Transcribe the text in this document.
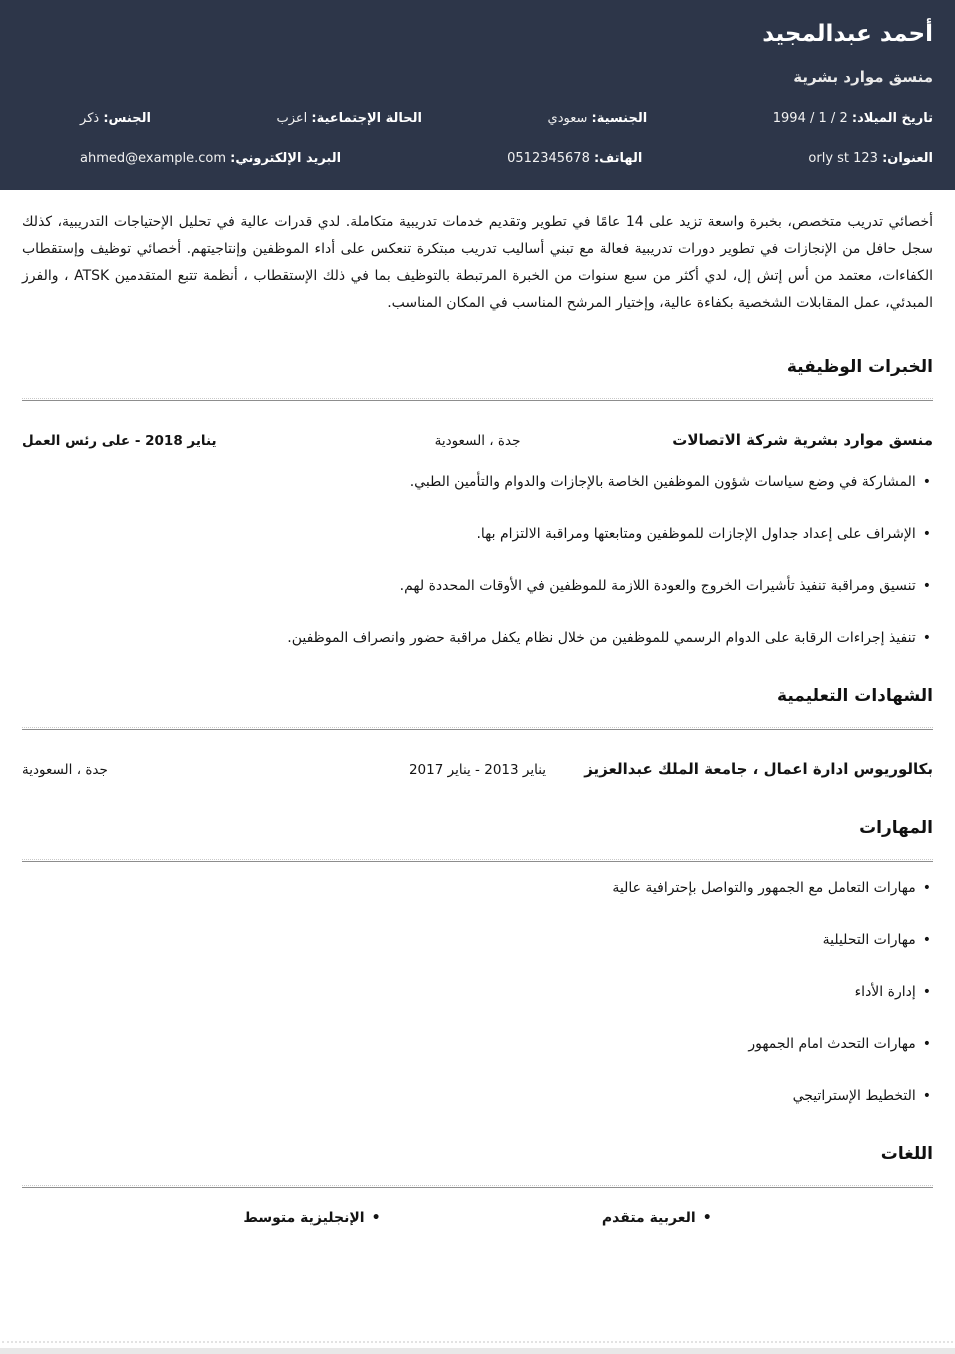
أحمد عبدالمجيد
منسق موارد بشرية
تاريخ الميلاد: 2 / 1 / 1994
الجنسية: سعودي
الحالة الإجتماعية: اعزب
الجنس: ذكر
العنوان: orly st 123
الهاتف: 0512345678
البريد الإلكتروني: ahmed@example.com

أخصائي تدريب متخصص، بخبرة واسعة تزيد على 14 عامًا في تطوير وتقديم خدمات تدريبية متكاملة. لدي قدرات عالية في تحليل الإحتياجات التدريبية، كذلك سجل حافل من الإنجازات في تطوير دورات تدريبية فعالة مع تبني أساليب تدريب مبتكرة تنعكس على أداء الموظفين وإنتاجيتهم. أخصائي توظيف وإستقطاب الكفاءات، معتمد من أس إتش إل، لدي أكثر من سبع سنوات من الخبرة المرتبطة بالتوظيف بما في ذلك الإستقطاب ، أنظمة تتبع المتقدمين ATSK ، والفرز المبدئي، عمل المقابلات الشخصية بكفاءة عالية، وإختيار المرشح المناسب في المكان المناسب.

الخبرات الوظيفية
منسق موارد بشرية شركة الاتصالات
جدة ، السعودية
يناير 2018 - على رئس العمل
• المشاركة في وضع سياسات شؤون الموظفين الخاصة بالإجازات والدوام والتأمين الطبي.
• الإشراف على إعداد جداول الإجازات للموظفين ومتابعتها ومراقبة الالتزام بها.
• تنسيق ومراقبة تنفيذ تأشيرات الخروج والعودة اللازمة للموظفين في الأوقات المحددة لهم.
• تنفيذ إجراءات الرقابة على الدوام الرسمي للموظفين من خلال نظام يكفل مراقبة حضور وانصراف الموظفين.
الشهادات التعليمية
بكالوريوس ادارة اعمال ، جامعة الملك عبدالعزيز
يناير 2013 - يناير 2017
جدة ، السعودية
المهارات
• مهارات التعامل مع الجمهور والتواصل بإحترافية عالية
• مهارات التحليلية
• إدارة الأداء
• مهارات التحدث امام الجمهور
• التخطيط الإستراتيجي
اللغات
• العربية متقدم
• الإنجليزية متوسط
